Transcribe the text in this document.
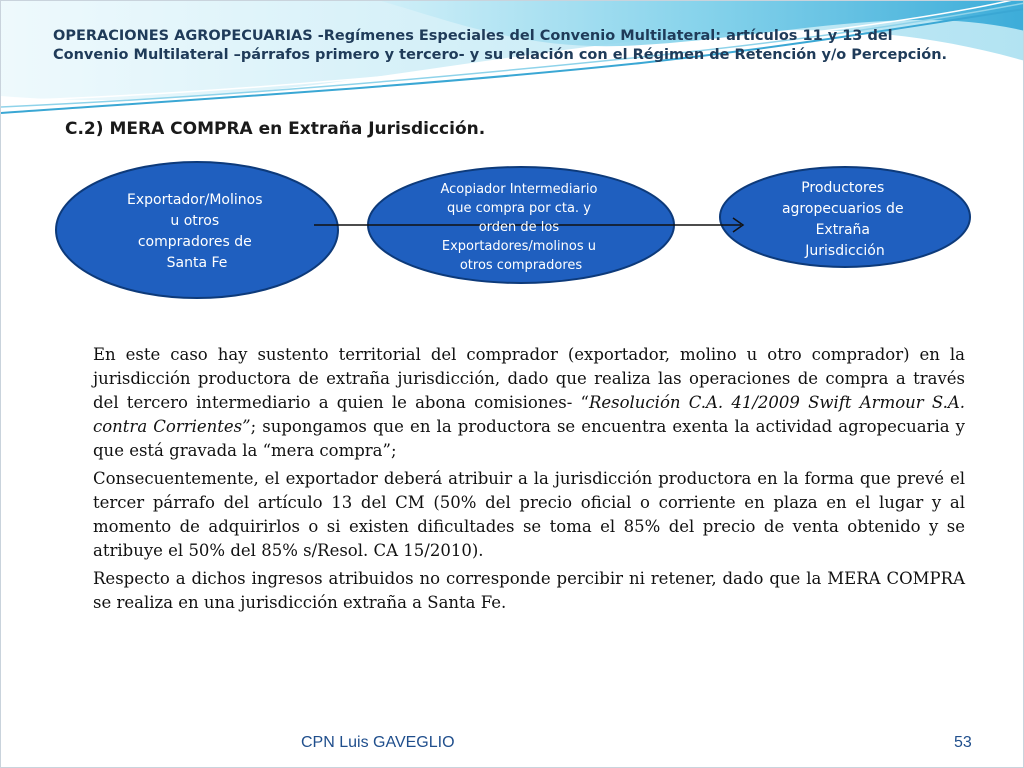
OPERACIONES AGROPECUARIAS -Regímenes Especiales del Convenio Multilateral: artículos 11 y 13 del Convenio Multilateral –párrafos primero y tercero- y su relación con el Régimen de Retención y/o Percepción.
C.2) MERA COMPRA en Extraña Jurisdicción.
Exportador/Molinos u otros compradores de Santa Fe
Acopiador Intermediario que compra por cta. y orden de los Exportadores/molinos u otros compradores
Productores agropecuarios de Extraña Jurisdicción

En este caso hay sustento territorial del comprador (exportador, molino u otro comprador) en la jurisdicción productora de extraña jurisdicción, dado que realiza las operaciones de compra a través del tercero intermediario a quien le abona comisiones- “Resolución C.A. 41/2009 Swift Armour S.A. contra Corrientes”; supongamos que en la productora se encuentra exenta la actividad agropecuaria y que está gravada la “mera compra”;

Consecuentemente, el exportador deberá atribuir a la jurisdicción productora en la forma que prevé el tercer párrafo del artículo 13 del CM (50% del precio oficial o corriente en plaza en el lugar y al momento de adquirirlos o si existen dificultades se toma el 85% del precio de venta obtenido y se atribuye el 50% del 85% s/Resol. CA 15/2010).

Respecto a dichos ingresos atribuidos no corresponde percibir ni retener, dado que la MERA COMPRA se realiza en una jurisdicción extraña a Santa Fe.

CPN Luis GAVEGLIO	53
